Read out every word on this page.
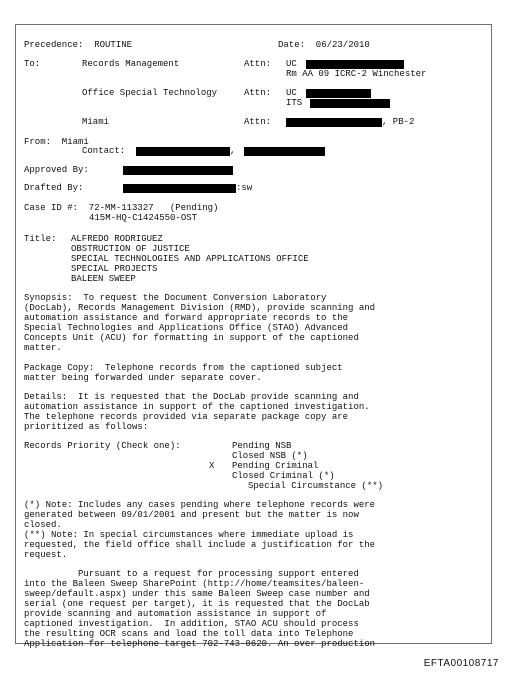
Precedence:  ROUTINE	Date:  06/23/2010
To:	Records Management	Attn: UC
Rm AA 09 ICRC-2 Winchester
Office Special Technology	Attn: UC
ITS
Miami	Attn:	, PB-2
From:  Miami
Contact:	,
Approved By:
Drafted By:	:sw
Case ID #:  72-MM-113327   (Pending)
415M-HQ-C1424550-OST
Title: ALFREDO RODRIGUEZ
OBSTRUCTION OF JUSTICE
SPECIAL TECHNOLOGIES AND APPLICATIONS OFFICE
SPECIAL PROJECTS
BALEEN SWEEP
Synopsis:  To request the Document Conversion Laboratory
(DocLab), Records Management Division (RMD), provide scanning and
automation assistance and forward appropriate records to the
Special Technologies and Applications Office (STAO) Advanced
Concepts Unit (ACU) for formatting in support of the captioned
matter.
Package Copy:  Telephone records from the captioned subject
matter being forwarded under separate cover.
Details:  It is requested that the DocLab provide scanning and
automation assistance in support of the captioned investigation.
The telephone records provided via separate package copy are
prioritized as follows:
Records Priority (Check one):	Pending NSB
Closed NSB (*)
X Pending Criminal
Closed Criminal (*)
Special Circumstance (**)
(*) Note: Includes any cases pending where telephone records were
generated between 09/01/2001 and present but the matter is now
closed.
(**) Note: In special circumstances where immediate upload is
requested, the field office shall include a justification for the
request.
Pursuant to a request for processing support entered
into the Baleen Sweep SharePoint (http://home/teamsites/baleen-
sweep/default.aspx) under this same Baleen Sweep case number and
serial (one request per target), it is requested that the DocLab
provide scanning and automation assistance in support of
captioned investigation.  In addition, STAO ACU should process
the resulting OCR scans and load the toll data into Telephone
Application for telephone target 702-743-0620. An over production
EFTA00108717
